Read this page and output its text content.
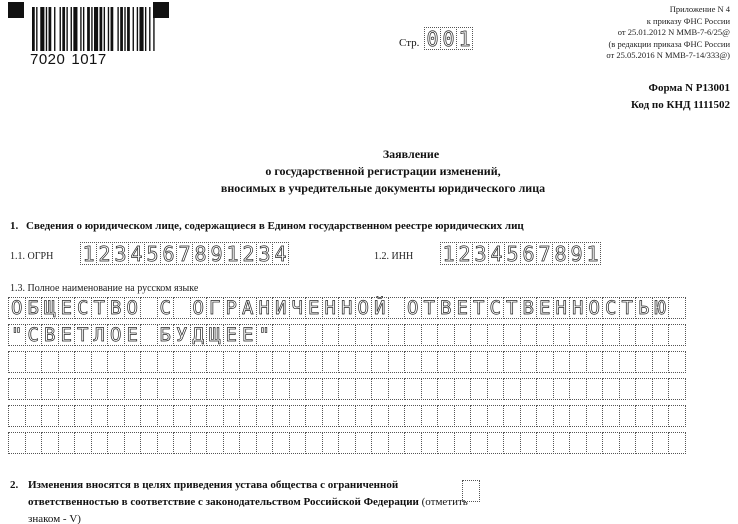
7020 1017
Стр. 0 0 1
Приложение N 4
к приказу ФНС России
от 25.01.2012 N ММВ-7-6/25@
(в редакции приказа ФНС России
от 25.05.2016 N ММВ-7-14/333@)
Форма N Р13001
Код по КНД 1111502
Заявление
о государственной регистрации изменений,
вносимых в учредительные документы юридического лица
1. Сведения о юридическом лице, содержащиеся в Едином государственном реестре юридических лиц
1.1. ОГРН 1 2 3 4 5 6 7 8 9 1 2 3 4	1.2. ИНН 1 2 3 4 5 6 7 8 9 1
1.3. Полное наименование на русском языке
О Б Щ Е С Т В О С О Г Р А Н И Ч Е Н Н О Й О Т В Е Т С Т В Е Н Н О С Т Ь Ю
" С В Е Т Л О Е Б У Д Щ Е Е "
2. Изменения вносятся в целях приведения устава общества с ограниченной ответственностью в соответствие с законодательством Российской Федерации (отметить знаком - V)
